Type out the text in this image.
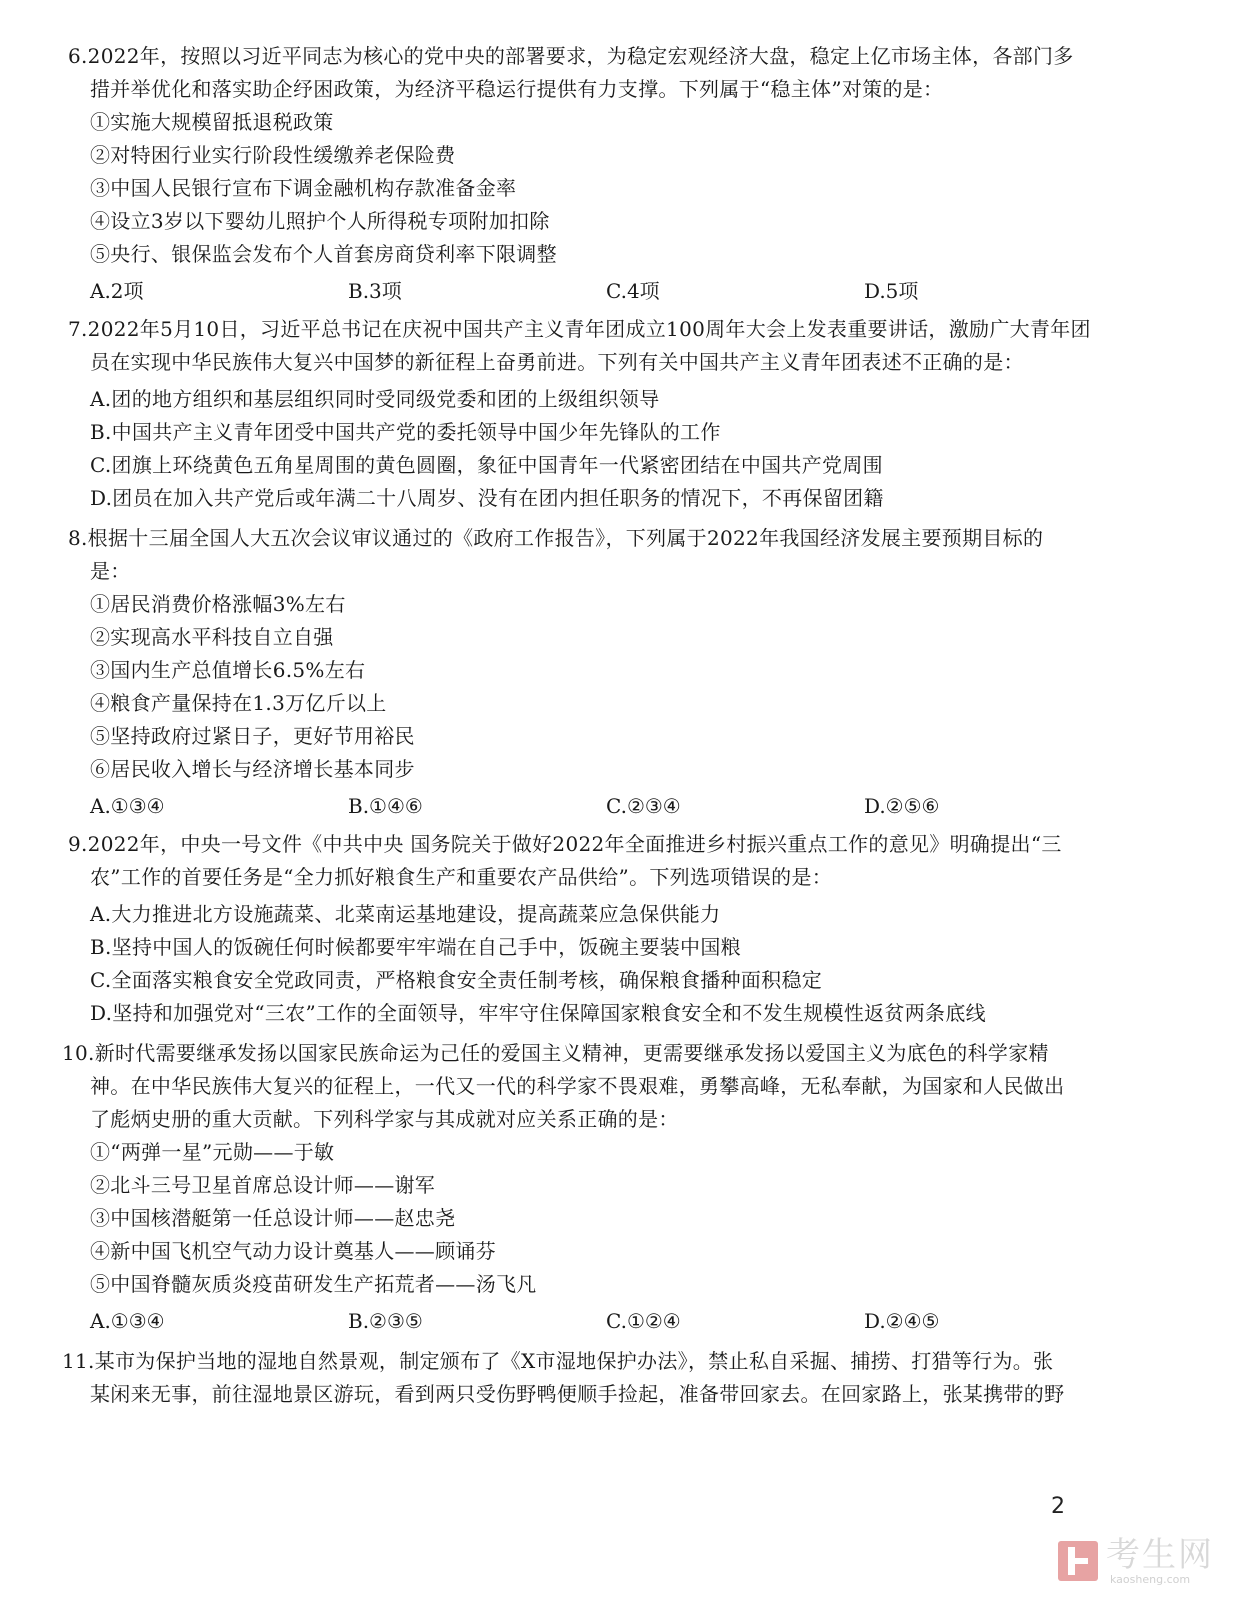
6.2022年，按照以习近平同志为核心的党中央的部署要求，为稳定宏观经济大盘，稳定上亿市场主体，各部门多
措并举优化和落实助企纾困政策，为经济平稳运行提供有力支撑。下列属于“稳主体”对策的是：
①实施大规模留抵退税政策
②对特困行业实行阶段性缓缴养老保险费
③中国人民银行宣布下调金融机构存款准备金率
④设立3岁以下婴幼儿照护个人所得税专项附加扣除
⑤央行、银保监会发布个人首套房商贷利率下限调整
A.2项	B.3项	C.4项	D.5项
7.2022年5月10日，习近平总书记在庆祝中国共产主义青年团成立100周年大会上发表重要讲话，激励广大青年团
员在实现中华民族伟大复兴中国梦的新征程上奋勇前进。下列有关中国共产主义青年团表述不正确的是：
A.团的地方组织和基层组织同时受同级党委和团的上级组织领导
B.中国共产主义青年团受中国共产党的委托领导中国少年先锋队的工作
C.团旗上环绕黄色五角星周围的黄色圆圈，象征中国青年一代紧密团结在中国共产党周围
D.团员在加入共产党后或年满二十八周岁、没有在团内担任职务的情况下，不再保留团籍
8.根据十三届全国人大五次会议审议通过的《政府工作报告》，下列属于2022年我国经济发展主要预期目标的
是：
①居民消费价格涨幅3%左右
②实现高水平科技自立自强
③国内生产总值增长6.5%左右
④粮食产量保持在1.3万亿斤以上
⑤坚持政府过紧日子，更好节用裕民
⑥居民收入增长与经济增长基本同步
A.①③④	B.①④⑥	C.②③④	D.②⑤⑥
9.2022年，中央一号文件《中共中央 国务院关于做好2022年全面推进乡村振兴重点工作的意见》明确提出“三
农”工作的首要任务是“全力抓好粮食生产和重要农产品供给”。下列选项错误的是：
A.大力推进北方设施蔬菜、北菜南运基地建设，提高蔬菜应急保供能力
B.坚持中国人的饭碗任何时候都要牢牢端在自己手中，饭碗主要装中国粮
C.全面落实粮食安全党政同责，严格粮食安全责任制考核，确保粮食播种面积稳定
D.坚持和加强党对“三农”工作的全面领导，牢牢守住保障国家粮食安全和不发生规模性返贫两条底线
10.新时代需要继承发扬以国家民族命运为己任的爱国主义精神，更需要继承发扬以爱国主义为底色的科学家精
神。在中华民族伟大复兴的征程上，一代又一代的科学家不畏艰难，勇攀高峰，无私奉献，为国家和人民做出
了彪炳史册的重大贡献。下列科学家与其成就对应关系正确的是：
①“两弹一星”元勋——于敏
②北斗三号卫星首席总设计师——谢军
③中国核潜艇第一任总设计师——赵忠尧
④新中国飞机空气动力设计奠基人——顾诵芬
⑤中国脊髓灰质炎疫苗研发生产拓荒者——汤飞凡
A.①③④	B.②③⑤	C.①②④	D.②④⑤
11.某市为保护当地的湿地自然景观，制定颁布了《X市湿地保护办法》，禁止私自采掘、捕捞、打猎等行为。张
某闲来无事，前往湿地景区游玩，看到两只受伤野鸭便顺手捡起，准备带回家去。在回家路上，张某携带的野
2
考生网
kaosheng.com
